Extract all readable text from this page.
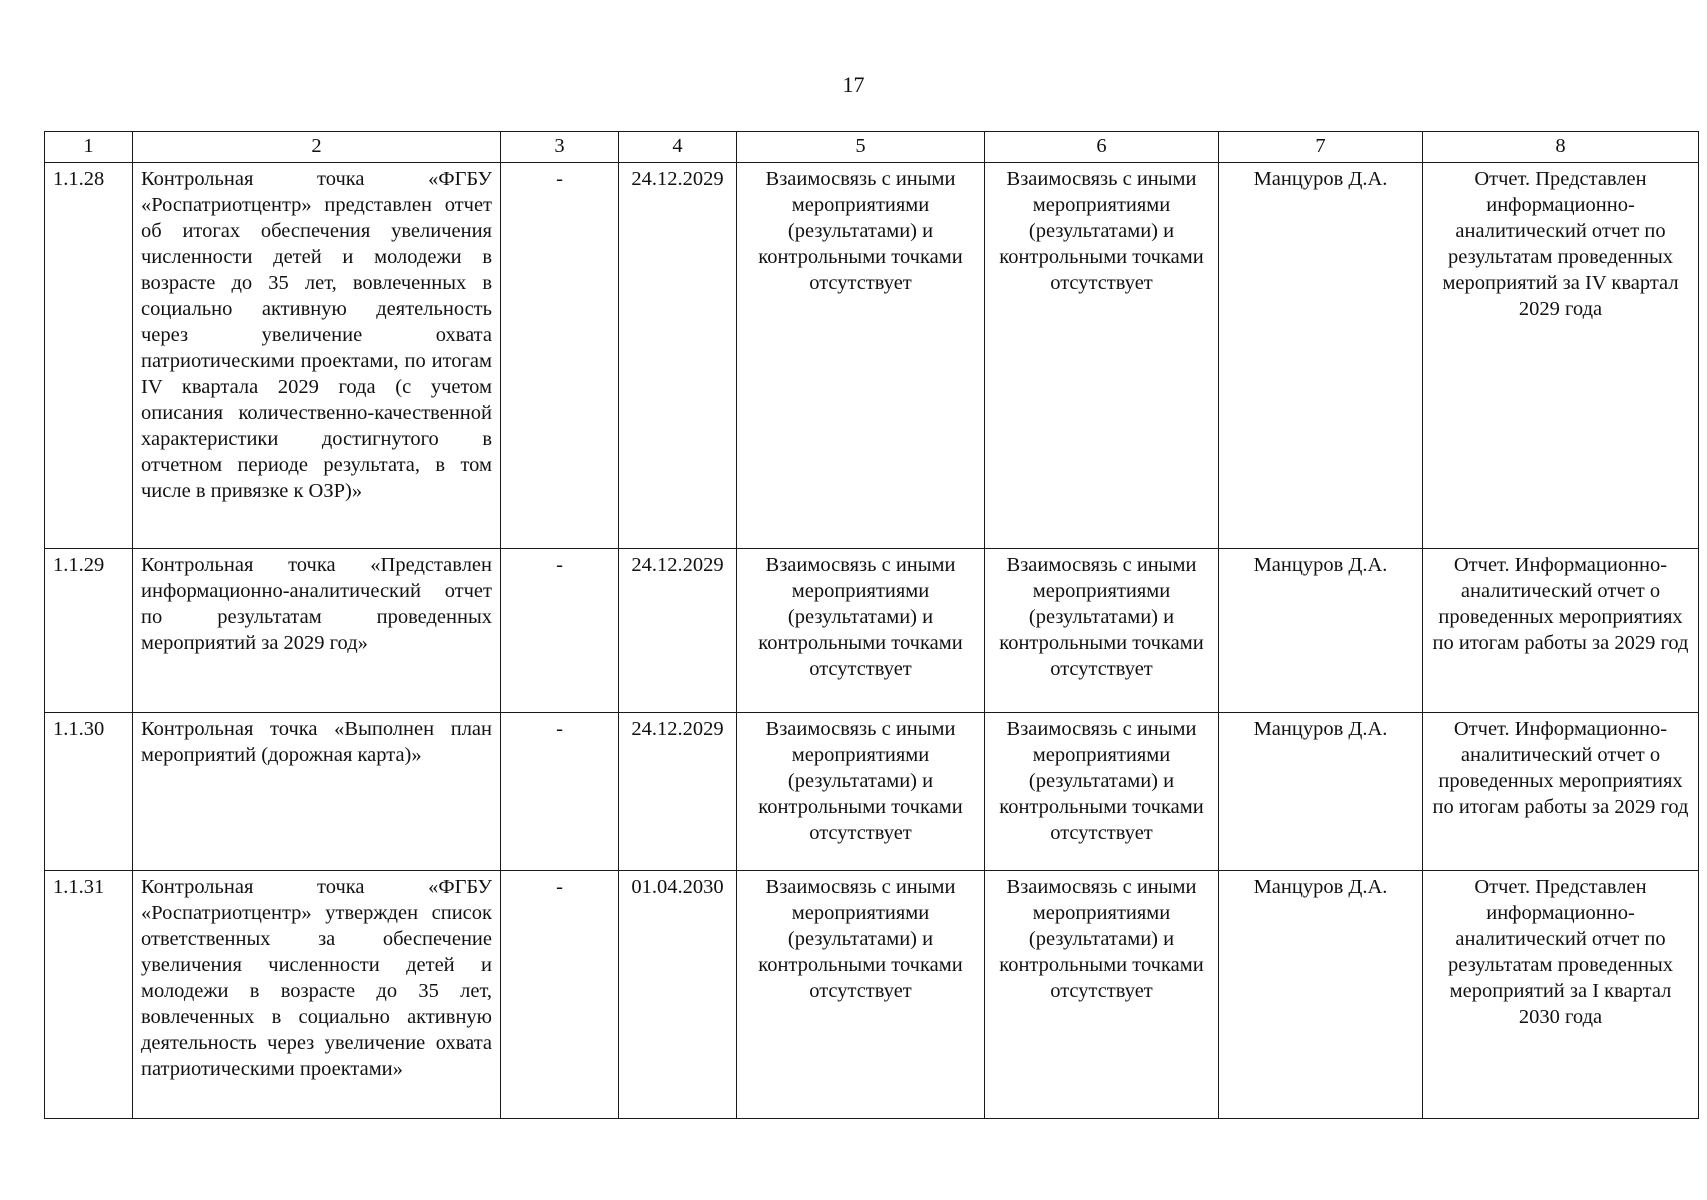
17
1	2	3	4	5	6	7	8
1.1.28	Контрольная точка «ФГБУ «Роспатриотцентр» представлен отчет об итогах обеспечения увеличения численности детей и молодежи в возрасте до 35 лет, вовлеченных в социально активную деятельность через увеличение охвата патриотическими проектами, по итогам IV квартала 2029 года (с учетом описания количественно-качественной характеристики достигнутого в отчетном периоде результата, в том числе в привязке к ОЗР)»	-	24.12.2029	Взаимосвязь с иными мероприятиями (результатами) и контрольными точками отсутствует	Взаимосвязь с иными мероприятиями (результатами) и контрольными точками отсутствует	Манцуров Д.А.	Отчет. Представлен информационно-аналитический отчет по результатам проведенных мероприятий за IV квартал 2029 года
1.1.29	Контрольная точка «Представлен информационно-аналитический отчет по результатам проведенных мероприятий за 2029 год»	-	24.12.2029	Взаимосвязь с иными мероприятиями (результатами) и контрольными точками отсутствует	Взаимосвязь с иными мероприятиями (результатами) и контрольными точками отсутствует	Манцуров Д.А.	Отчет. Информационно-аналитический отчет о проведенных мероприятиях по итогам работы за 2029 год
1.1.30	Контрольная точка «Выполнен план мероприятий (дорожная карта)»	-	24.12.2029	Взаимосвязь с иными мероприятиями (результатами) и контрольными точками отсутствует	Взаимосвязь с иными мероприятиями (результатами) и контрольными точками отсутствует	Манцуров Д.А.	Отчет. Информационно-аналитический отчет о проведенных мероприятиях по итогам работы за 2029 год
1.1.31	Контрольная точка «ФГБУ «Роспатриотцентр» утвержден список ответственных за обеспечение увеличения численности детей и молодежи в возрасте до 35 лет, вовлеченных в социально активную деятельность через увеличение охвата патриотическими проектами»	-	01.04.2030	Взаимосвязь с иными мероприятиями (результатами) и контрольными точками отсутствует	Взаимосвязь с иными мероприятиями (результатами) и контрольными точками отсутствует	Манцуров Д.А.	Отчет. Представлен информационно-аналитический отчет по результатам проведенных мероприятий за I квартал 2030 года
